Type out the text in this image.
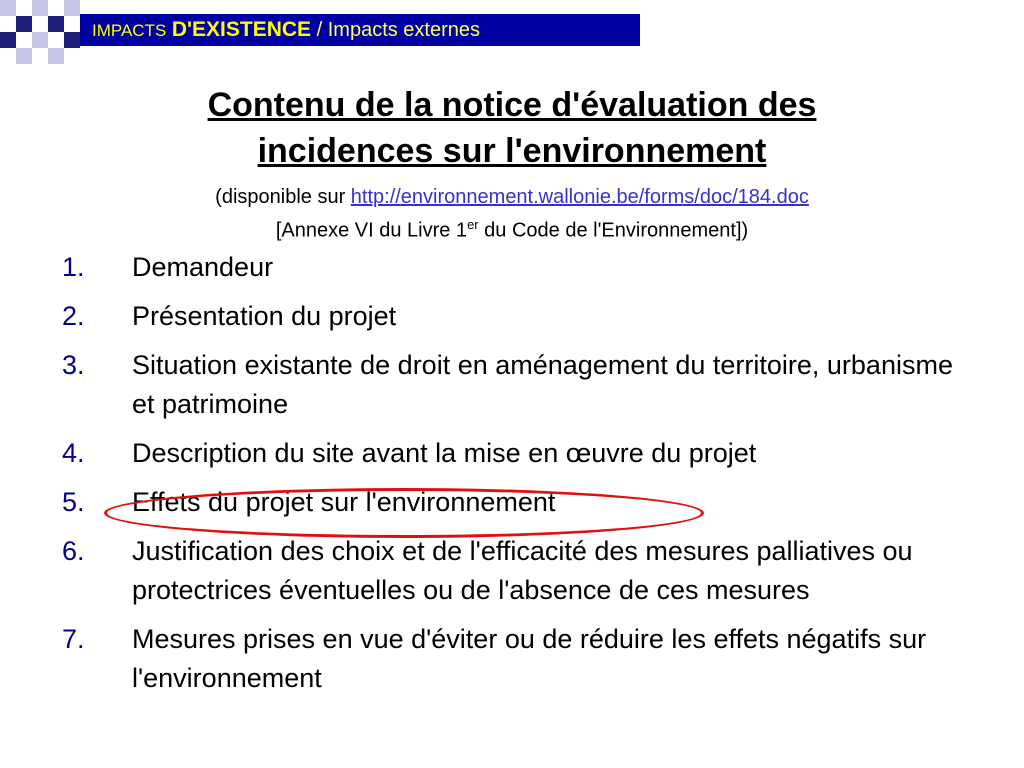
IMPACTS D'EXISTENCE / Impacts externes
Contenu de la notice d'évaluation des
incidences sur l'environnement
(disponible sur http://environnement.wallonie.be/forms/doc/184.doc
[Annexe VI du Livre 1er du Code de l'Environnement])
1.	Demandeur
2.	Présentation du projet
3.	Situation existante de droit en aménagement du territoire, urbanisme et patrimoine
4.	Description du site avant la mise en œuvre du projet
5.	Effets du projet sur l'environnement
6.	Justification des choix et de l'efficacité des mesures palliatives ou protectrices éventuelles ou de l'absence de ces mesures
7.	Mesures prises en vue d'éviter ou de réduire les effets négatifs sur l'environnement
